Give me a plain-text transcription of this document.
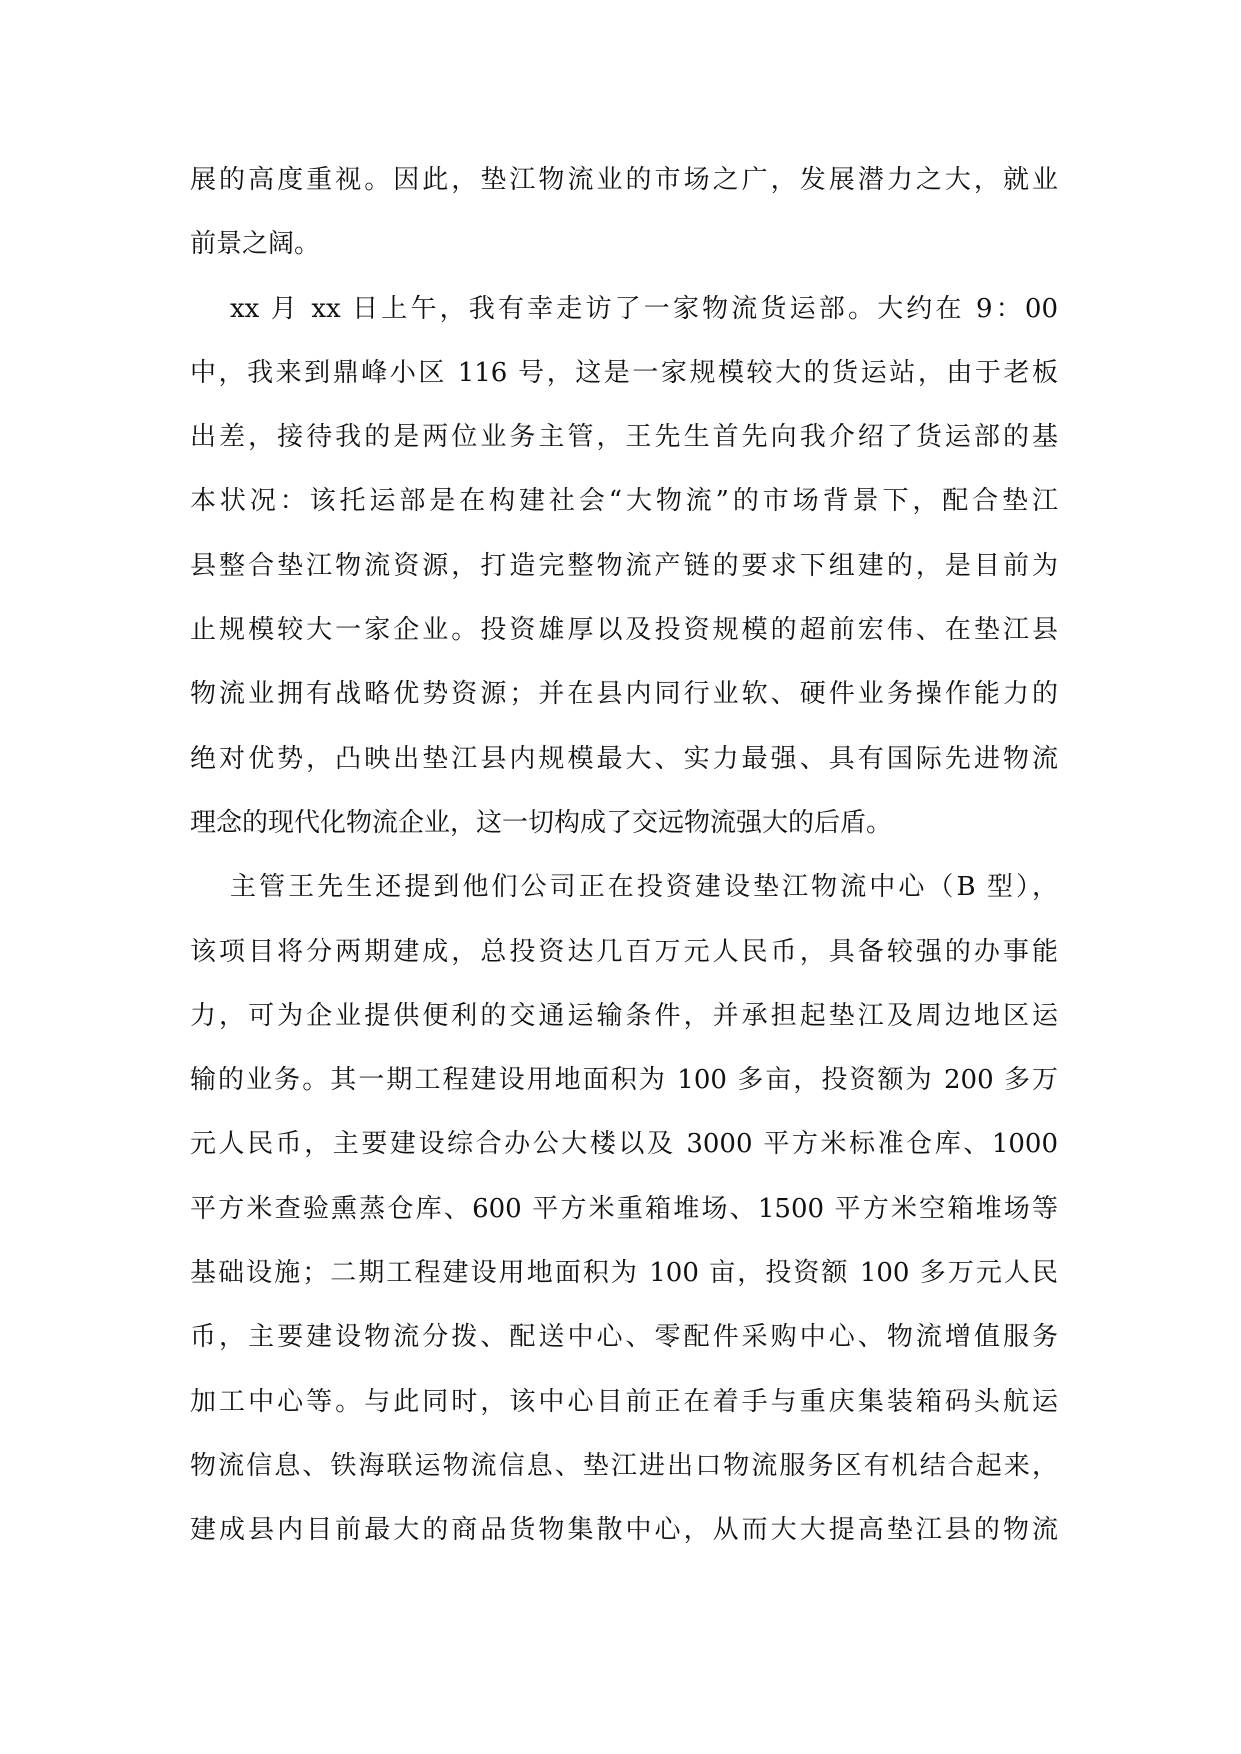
展的高度重视。因此，垫江物流业的市场之广，发展潜力之大，就业
前景之阔。
xx 月 xx 日上午，我有幸走访了一家物流货运部。大约在 9：00
中，我来到鼎峰小区 116 号，这是一家规模较大的货运站，由于老板
出差，接待我的是两位业务主管，王先生首先向我介绍了货运部的基
本状况：该托运部是在构建社会“大物流”的市场背景下，配合垫江
县整合垫江物流资源，打造完整物流产链的要求下组建的，是目前为
止规模较大一家企业。投资雄厚以及投资规模的超前宏伟、在垫江县
物流业拥有战略优势资源；并在县内同行业软、硬件业务操作能力的
绝对优势，凸映出垫江县内规模最大、实力最强、具有国际先进物流
理念的现代化物流企业，这一切构成了交远物流强大的后盾。
主管王先生还提到他们公司正在投资建设垫江物流中心（B 型），
该项目将分两期建成，总投资达几百万元人民币，具备较强的办事能
力，可为企业提供便利的交通运输条件，并承担起垫江及周边地区运
输的业务。其一期工程建设用地面积为 100 多亩，投资额为 200 多万
元人民币，主要建设综合办公大楼以及 3000 平方米标准仓库、1000
平方米查验熏蒸仓库、600 平方米重箱堆场、1500 平方米空箱堆场等
基础设施；二期工程建设用地面积为 100 亩，投资额 100 多万元人民
币，主要建设物流分拨、配送中心、零配件采购中心、物流增值服务
加工中心等。与此同时，该中心目前正在着手与重庆集装箱码头航运
物流信息、铁海联运物流信息、垫江进出口物流服务区有机结合起来，
建成县内目前最大的商品货物集散中心，从而大大提高垫江县的物流
